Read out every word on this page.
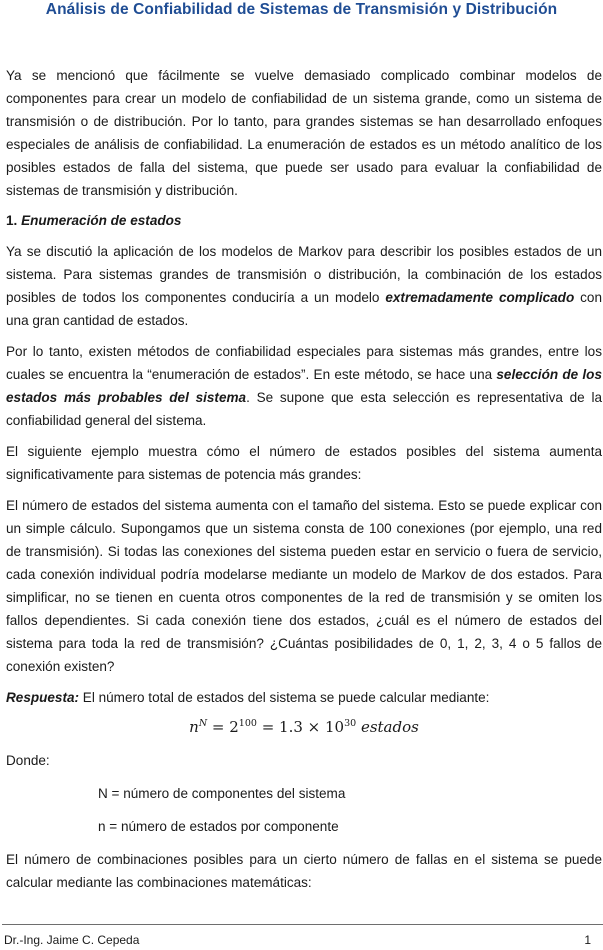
Análisis de Confiabilidad de Sistemas de Transmisión y Distribución

Ya se mencionó que fácilmente se vuelve demasiado complicado combinar modelos de componentes para crear un modelo de confiabilidad de un sistema grande, como un sistema de transmisión o de distribución. Por lo tanto, para grandes sistemas se han desarrollado enfoques especiales de análisis de confiabilidad. La enumeración de estados es un método analítico de los posibles estados de falla del sistema, que puede ser usado para evaluar la confiabilidad de sistemas de transmisión y distribución.

1. Enumeración de estados

Ya se discutió la aplicación de los modelos de Markov para describir los posibles estados de un sistema. Para sistemas grandes de transmisión o distribución, la combinación de los estados posibles de todos los componentes conduciría a un modelo extremadamente complicado con una gran cantidad de estados.

Por lo tanto, existen métodos de confiabilidad especiales para sistemas más grandes, entre los cuales se encuentra la “enumeración de estados”. En este método, se hace una selección de los estados más probables del sistema. Se supone que esta selección es representativa de la confiabilidad general del sistema.

El siguiente ejemplo muestra cómo el número de estados posibles del sistema aumenta significativamente para sistemas de potencia más grandes:

El número de estados del sistema aumenta con el tamaño del sistema. Esto se puede explicar con un simple cálculo. Supongamos que un sistema consta de 100 conexiones (por ejemplo, una red de transmisión). Si todas las conexiones del sistema pueden estar en servicio o fuera de servicio, cada conexión individual podría modelarse mediante un modelo de Markov de dos estados. Para simplificar, no se tienen en cuenta otros componentes de la red de transmisión y se omiten los fallos dependientes. Si cada conexión tiene dos estados, ¿cuál es el número de estados del sistema para toda la red de transmisión? ¿Cuántas posibilidades de 0, 1, 2, 3, 4 o 5 fallos de conexión existen?

Respuesta: El número total de estados del sistema se puede calcular mediante:

$n^N = 2^{100} = 1.3 \times 10^{30}$ estados
Donde:
N = número de componentes del sistema
n = número de estados por componente

El número de combinaciones posibles para un cierto número de fallas en el sistema se puede calcular mediante las combinaciones matemáticas:

Dr.-Ing. Jaime C. Cepeda	1
